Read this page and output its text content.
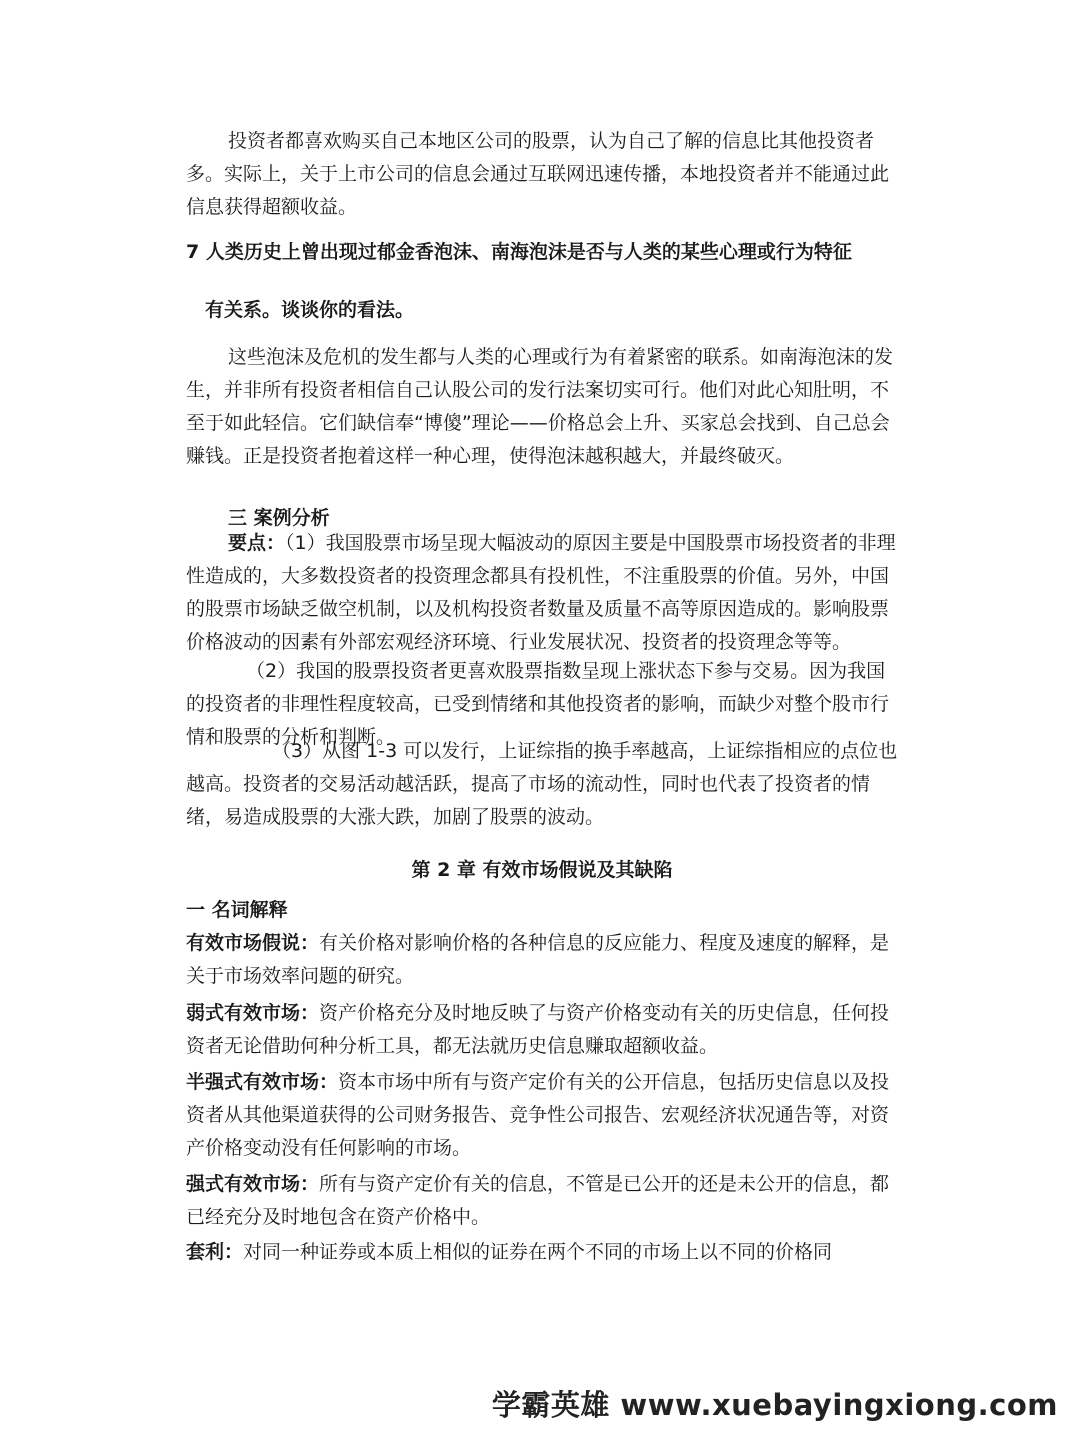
投资者都喜欢购买自己本地区公司的股票，认为自己了解的信息比其他投资者多。实际上，关于上市公司的信息会通过互联网迅速传播，本地投资者并不能通过此信息获得超额收益。

7 人类历史上曾出现过郁金香泡沫、南海泡沫是否与人类的某些心理或行为特征

有关系。谈谈你的看法。

这些泡沫及危机的发生都与人类的心理或行为有着紧密的联系。如南海泡沫的发生，并非所有投资者相信自己认股公司的发行法案切实可行。他们对此心知肚明，不至于如此轻信。它们缺信奉“博傻”理论——价格总会上升、买家总会找到、自己总会赚钱。正是投资者抱着这样一种心理，使得泡沫越积越大，并最终破灭。

三 案例分析

要点：（1）我国股票市场呈现大幅波动的原因主要是中国股票市场投资者的非理性造成的，大多数投资者的投资理念都具有投机性，不注重股票的价值。另外，中国的股票市场缺乏做空机制，以及机构投资者数量及质量不高等原因造成的。影响股票价格波动的因素有外部宏观经济环境、行业发展状况、投资者的投资理念等等。

（2）我国的股票投资者更喜欢股票指数呈现上涨状态下参与交易。因为我国的投资者的非理性程度较高，已受到情绪和其他投资者的影响，而缺少对整个股市行情和股票的分析和判断。

（3）从图 1-3 可以发行，上证综指的换手率越高，上证综指相应的点位也越高。投资者的交易活动越活跃，提高了市场的流动性，同时也代表了投资者的情绪，易造成股票的大涨大跌，加剧了股票的波动。

第 2 章 有效市场假说及其缺陷

一 名词解释

有效市场假说：有关价格对影响价格的各种信息的反应能力、程度及速度的解释，是关于市场效率问题的研究。

弱式有效市场：资产价格充分及时地反映了与资产价格变动有关的历史信息，任何投资者无论借助何种分析工具，都无法就历史信息赚取超额收益。

半强式有效市场：资本市场中所有与资产定价有关的公开信息，包括历史信息以及投资者从其他渠道获得的公司财务报告、竞争性公司报告、宏观经济状况通告等，对资产价格变动没有任何影响的市场。

强式有效市场：所有与资产定价有关的信息，不管是已公开的还是未公开的信息，都已经充分及时地包含在资产价格中。

套利：对同一种证券或本质上相似的证券在两个不同的市场上以不同的价格同

学霸英雄 www.xuebayingxiong.com
